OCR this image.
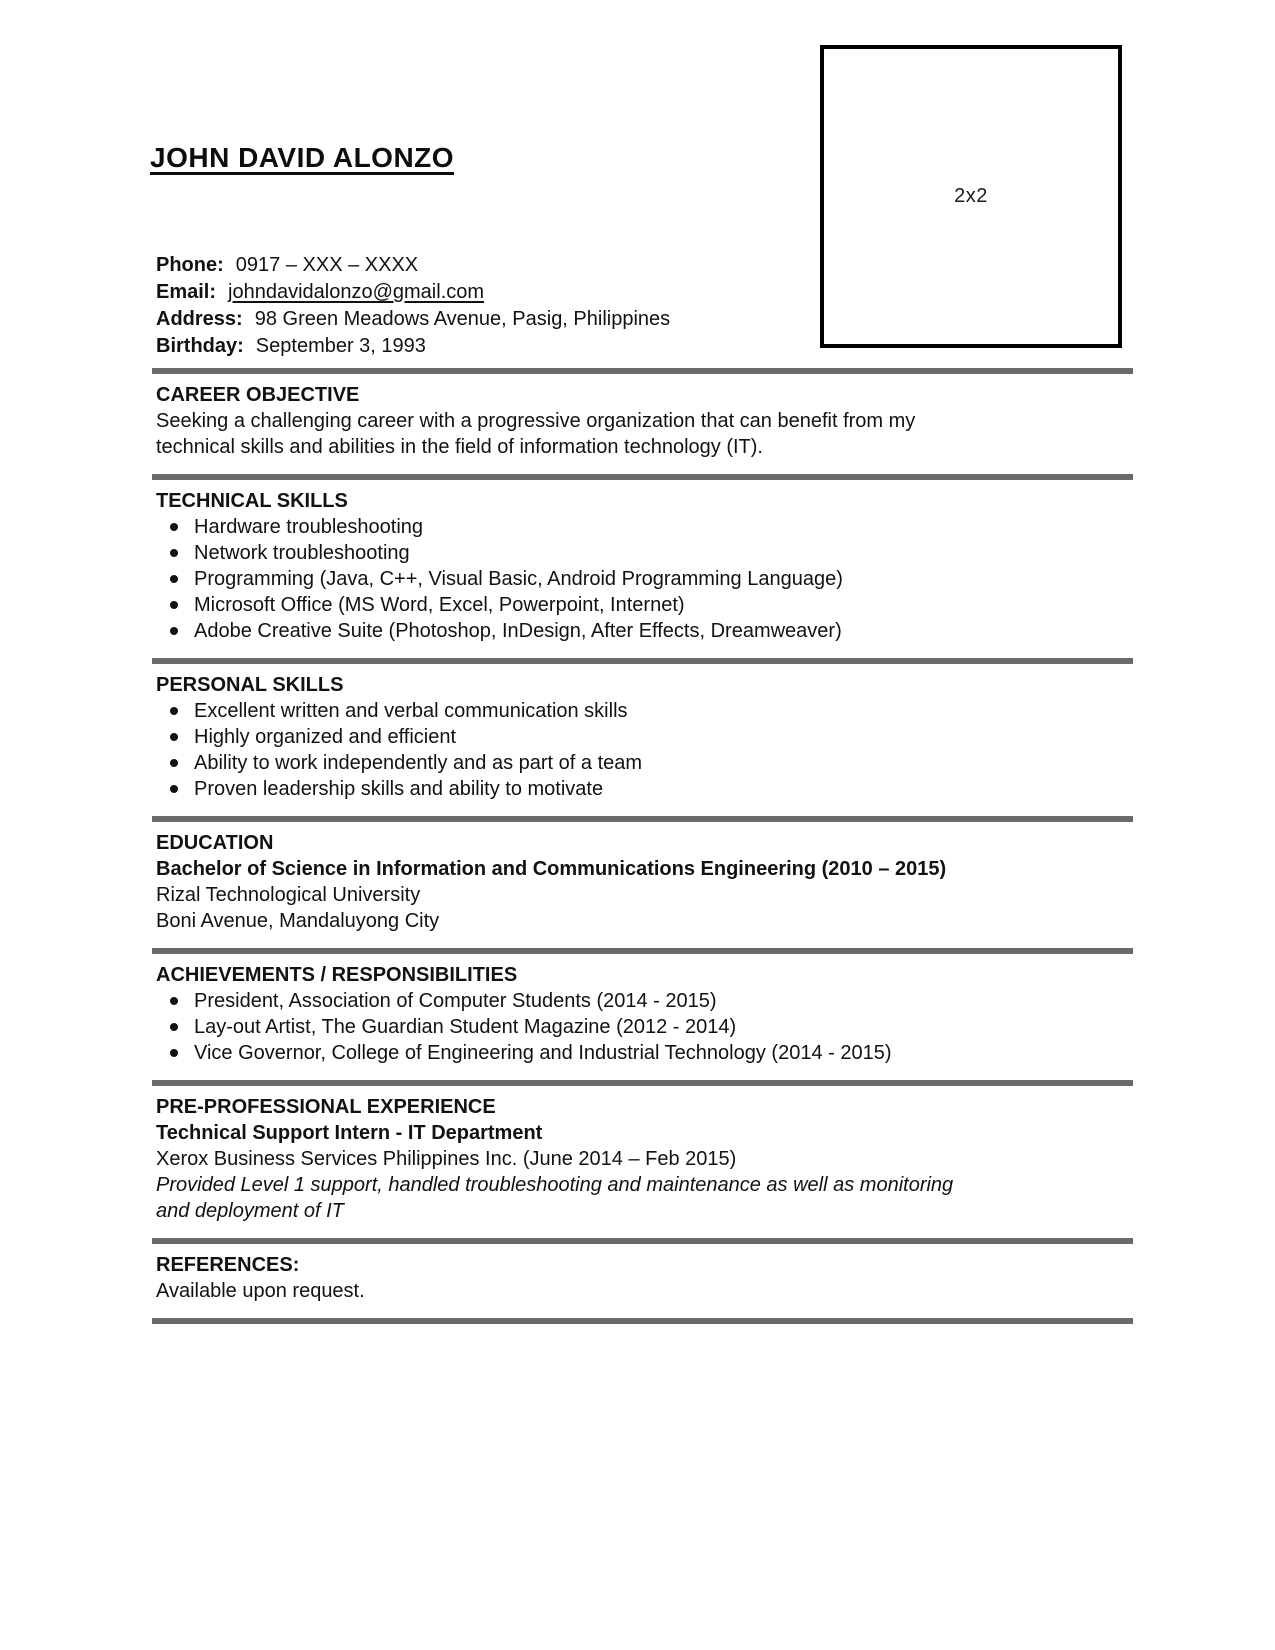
2x2
JOHN DAVID ALONZO
Phone: 0917 – XXX – XXXX
Email: johndavidalonzo@gmail.com
Address: 98 Green Meadows Avenue, Pasig, Philippines
Birthday: September 3, 1993
CAREER OBJECTIVE
Seeking a challenging career with a progressive organization that can benefit from my
technical skills and abilities in the field of information technology (IT).
TECHNICAL SKILLS
Hardware troubleshooting
Network troubleshooting
Programming (Java, C++, Visual Basic, Android Programming Language)
Microsoft Office (MS Word, Excel, Powerpoint, Internet)
Adobe Creative Suite (Photoshop, InDesign, After Effects, Dreamweaver)
PERSONAL SKILLS
Excellent written and verbal communication skills
Highly organized and efficient
Ability to work independently and as part of a team
Proven leadership skills and ability to motivate
EDUCATION
Bachelor of Science in Information and Communications Engineering (2010 – 2015)
Rizal Technological University
Boni Avenue, Mandaluyong City
ACHIEVEMENTS / RESPONSIBILITIES
President, Association of Computer Students (2014 - 2015)
Lay-out Artist, The Guardian Student Magazine (2012 - 2014)
Vice Governor, College of Engineering and Industrial Technology (2014 - 2015)
PRE-PROFESSIONAL EXPERIENCE
Technical Support Intern - IT Department
Xerox Business Services Philippines Inc. (June 2014 – Feb 2015)
Provided Level 1 support, handled troubleshooting and maintenance as well as monitoring
and deployment of IT
REFERENCES:
Available upon request.
